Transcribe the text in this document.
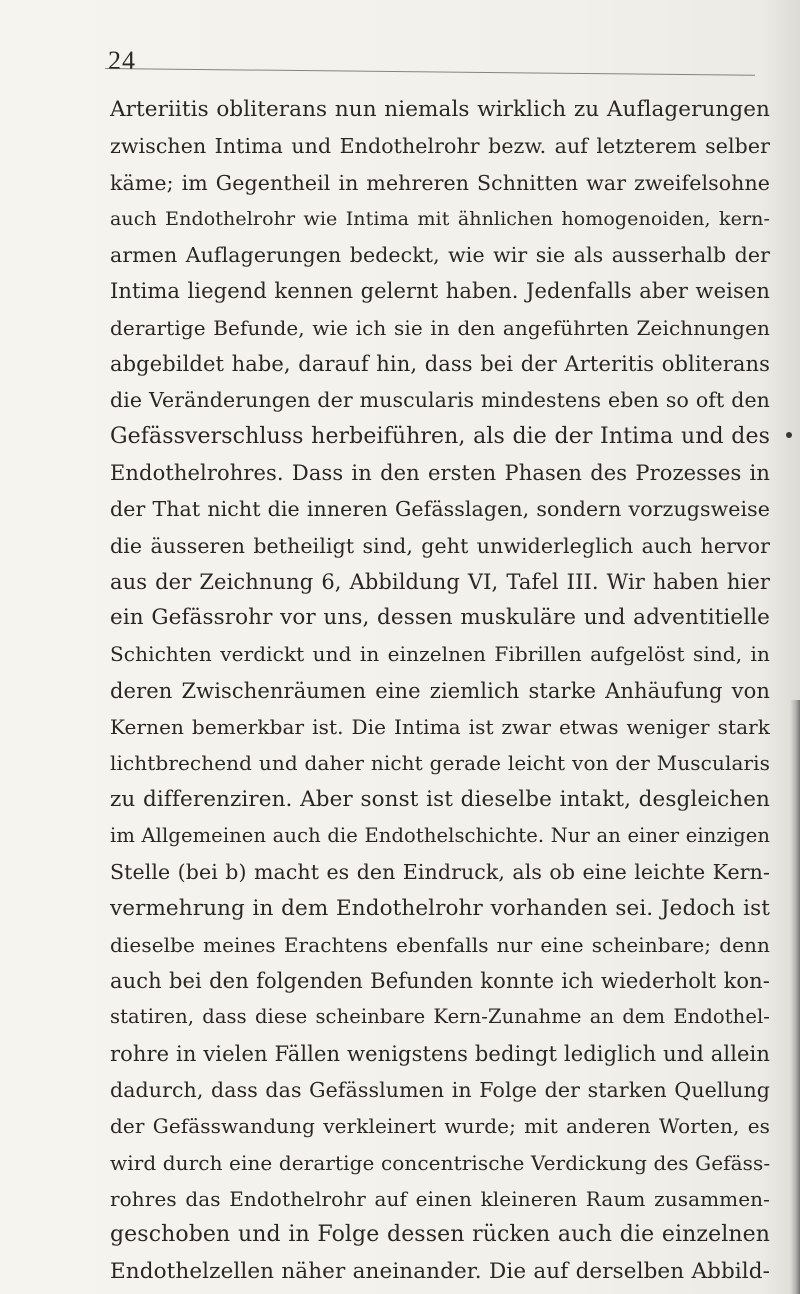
24
Arteriitis obliterans nun niemals wirklich zu Auflagerungen
zwischen Intima und Endothelrohr bezw. auf letzterem selber
käme; im Gegentheil in mehreren Schnitten war zweifelsohne
auch Endothelrohr wie Intima mit ähnlichen homogenoiden, kern-
armen Auflagerungen bedeckt, wie wir sie als ausserhalb der
Intima liegend kennen gelernt haben. Jedenfalls aber weisen
derartige Befunde, wie ich sie in den angeführten Zeichnungen
abgebildet habe, darauf hin, dass bei der Arteritis obliterans
die Veränderungen der muscularis mindestens eben so oft den
Gefässverschluss herbeiführen, als die der Intima und des
Endothelrohres. Dass in den ersten Phasen des Prozesses in
der That nicht die inneren Gefässlagen, sondern vorzugsweise
die äusseren betheiligt sind, geht unwiderleglich auch hervor
aus der Zeichnung 6, Abbildung VI, Tafel III. Wir haben hier
ein Gefässrohr vor uns, dessen muskuläre und adventitielle
Schichten verdickt und in einzelnen Fibrillen aufgelöst sind, in
deren Zwischenräumen eine ziemlich starke Anhäufung von
Kernen bemerkbar ist. Die Intima ist zwar etwas weniger stark
lichtbrechend und daher nicht gerade leicht von der Muscularis
zu differenziren. Aber sonst ist dieselbe intakt, desgleichen
im Allgemeinen auch die Endothelschichte. Nur an einer einzigen
Stelle (bei b) macht es den Eindruck, als ob eine leichte Kern-
vermehrung in dem Endothelrohr vorhanden sei. Jedoch ist
dieselbe meines Erachtens ebenfalls nur eine scheinbare; denn
auch bei den folgenden Befunden konnte ich wiederholt kon-
statiren, dass diese scheinbare Kern-Zunahme an dem Endothel-
rohre in vielen Fällen wenigstens bedingt lediglich und allein
dadurch, dass das Gefässlumen in Folge der starken Quellung
der Gefässwandung verkleinert wurde; mit anderen Worten, es
wird durch eine derartige concentrische Verdickung des Gefäss-
rohres das Endothelrohr auf einen kleineren Raum zusammen-
geschoben und in Folge dessen rücken auch die einzelnen
Endothelzellen näher aneinander. Die auf derselben Abbild-
